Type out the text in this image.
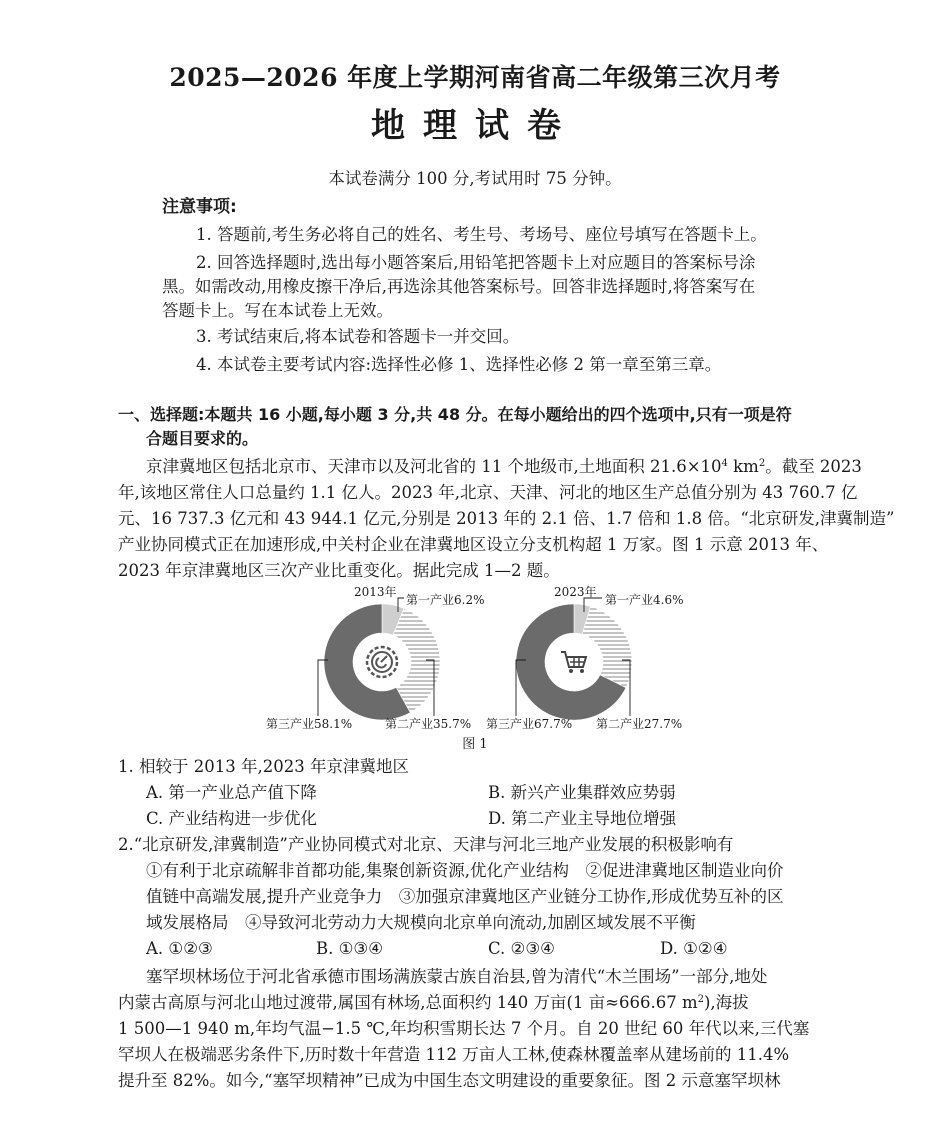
2025—2026 年度上学期河南省高二年级第三次月考
地理试卷
本试卷满分 100 分,考试用时 75 分钟。
注意事项:
1. 答题前,考生务必将自己的姓名、考生号、考场号、座位号填写在答题卡上。
2. 回答选择题时,选出每小题答案后,用铅笔把答题卡上对应题目的答案标号涂
黑。如需改动,用橡皮擦干净后,再选涂其他答案标号。回答非选择题时,将答案写在
答题卡上。写在本试卷上无效。
3. 考试结束后,将本试卷和答题卡一并交回。
4. 本试卷主要考试内容:选择性必修 1、选择性必修 2 第一章至第三章。
一、选择题:本题共 16 小题,每小题 3 分,共 48 分。在每小题给出的四个选项中,只有一项是符
合题目要求的。
京津冀地区包括北京市、天津市以及河北省的 11 个地级市,土地面积 $21.6\times 10^4$ $km^2$。截至 2023
年,该地区常住人口总量约 1.1 亿人。2023 年,北京、天津、河北的地区生产总值分别为 43 760.7 亿
元、16 737.3 亿元和 43 944.1 亿元,分别是 2013 年的 2.1 倍、1.7 倍和 1.8 倍。“北京研发,津冀制造”
产业协同模式正在加速形成,中关村企业在津冀地区设立分支机构超 1 万家。图 1 示意 2013 年、
2023 年京津冀地区三次产业比重变化。据此完成 1—2 题。
2013年
第一产业6.2%
第二产业35.7%
第三产业58.1%
2023年
第一产业4.6%
第二产业27.7%
第三产业67.7%
图 1
1. 相较于 2013 年,2023 年京津冀地区
A. 第一产业总产值下降	B. 新兴产业集群效应势弱
C. 产业结构进一步优化	D. 第二产业主导地位增强
2.“北京研发,津冀制造”产业协同模式对北京、天津与河北三地产业发展的积极影响有
①有利于北京疏解非首都功能,集聚创新资源,优化产业结构　②促进津冀地区制造业向价
值链中高端发展,提升产业竞争力　③加强京津冀地区产业链分工协作,形成优势互补的区
域发展格局　④导致河北劳动力大规模向北京单向流动,加剧区域发展不平衡
A. ①②③	B. ①③④	C. ②③④	D. ①②④
塞罕坝林场位于河北省承德市围场满族蒙古族自治县,曾为清代“木兰围场”一部分,地处
内蒙古高原与河北山地过渡带,属国有林场,总面积约 140 万亩(1 亩≈666.67 $m^2$),海拔
1 500—1 940 m,年均气温−1.5 ℃,年均积雪期长达 7 个月。自 20 世纪 60 年代以来,三代塞
罕坝人在极端恶劣条件下,历时数十年营造 112 万亩人工林,使森林覆盖率从建场前的 11.4%
提升至 82%。如今,“塞罕坝精神”已成为中国生态文明建设的重要象征。图 2 示意塞罕坝林
